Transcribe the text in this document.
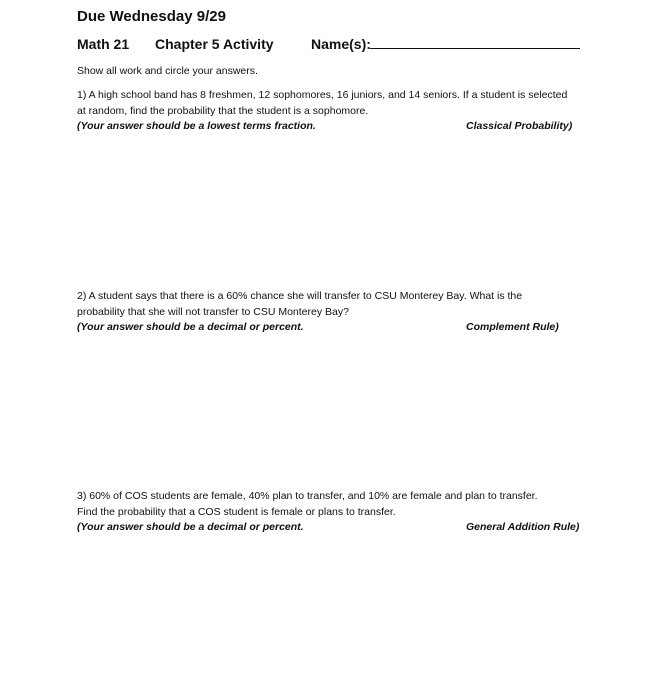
Due Wednesday 9/29
Math 21 Chapter 5 Activity	Name(s):
Show all work and circle your answers.
1) A high school band has 8 freshmen, 12 sophomores, 16 juniors, and 14 seniors. If a student is selected
at random, find the probability that the student is a sophomore.
(Your answer should be a lowest terms fraction.	Classical Probability)
2) A student says that there is a 60% chance she will transfer to CSU Monterey Bay. What is the
probability that she will not transfer to CSU Monterey Bay?
(Your answer should be a decimal or percent.	Complement Rule)
3) 60% of COS students are female, 40% plan to transfer, and 10% are female and plan to transfer.
Find the probability that a COS student is female or plans to transfer.
(Your answer should be a decimal or percent.	General Addition Rule)
